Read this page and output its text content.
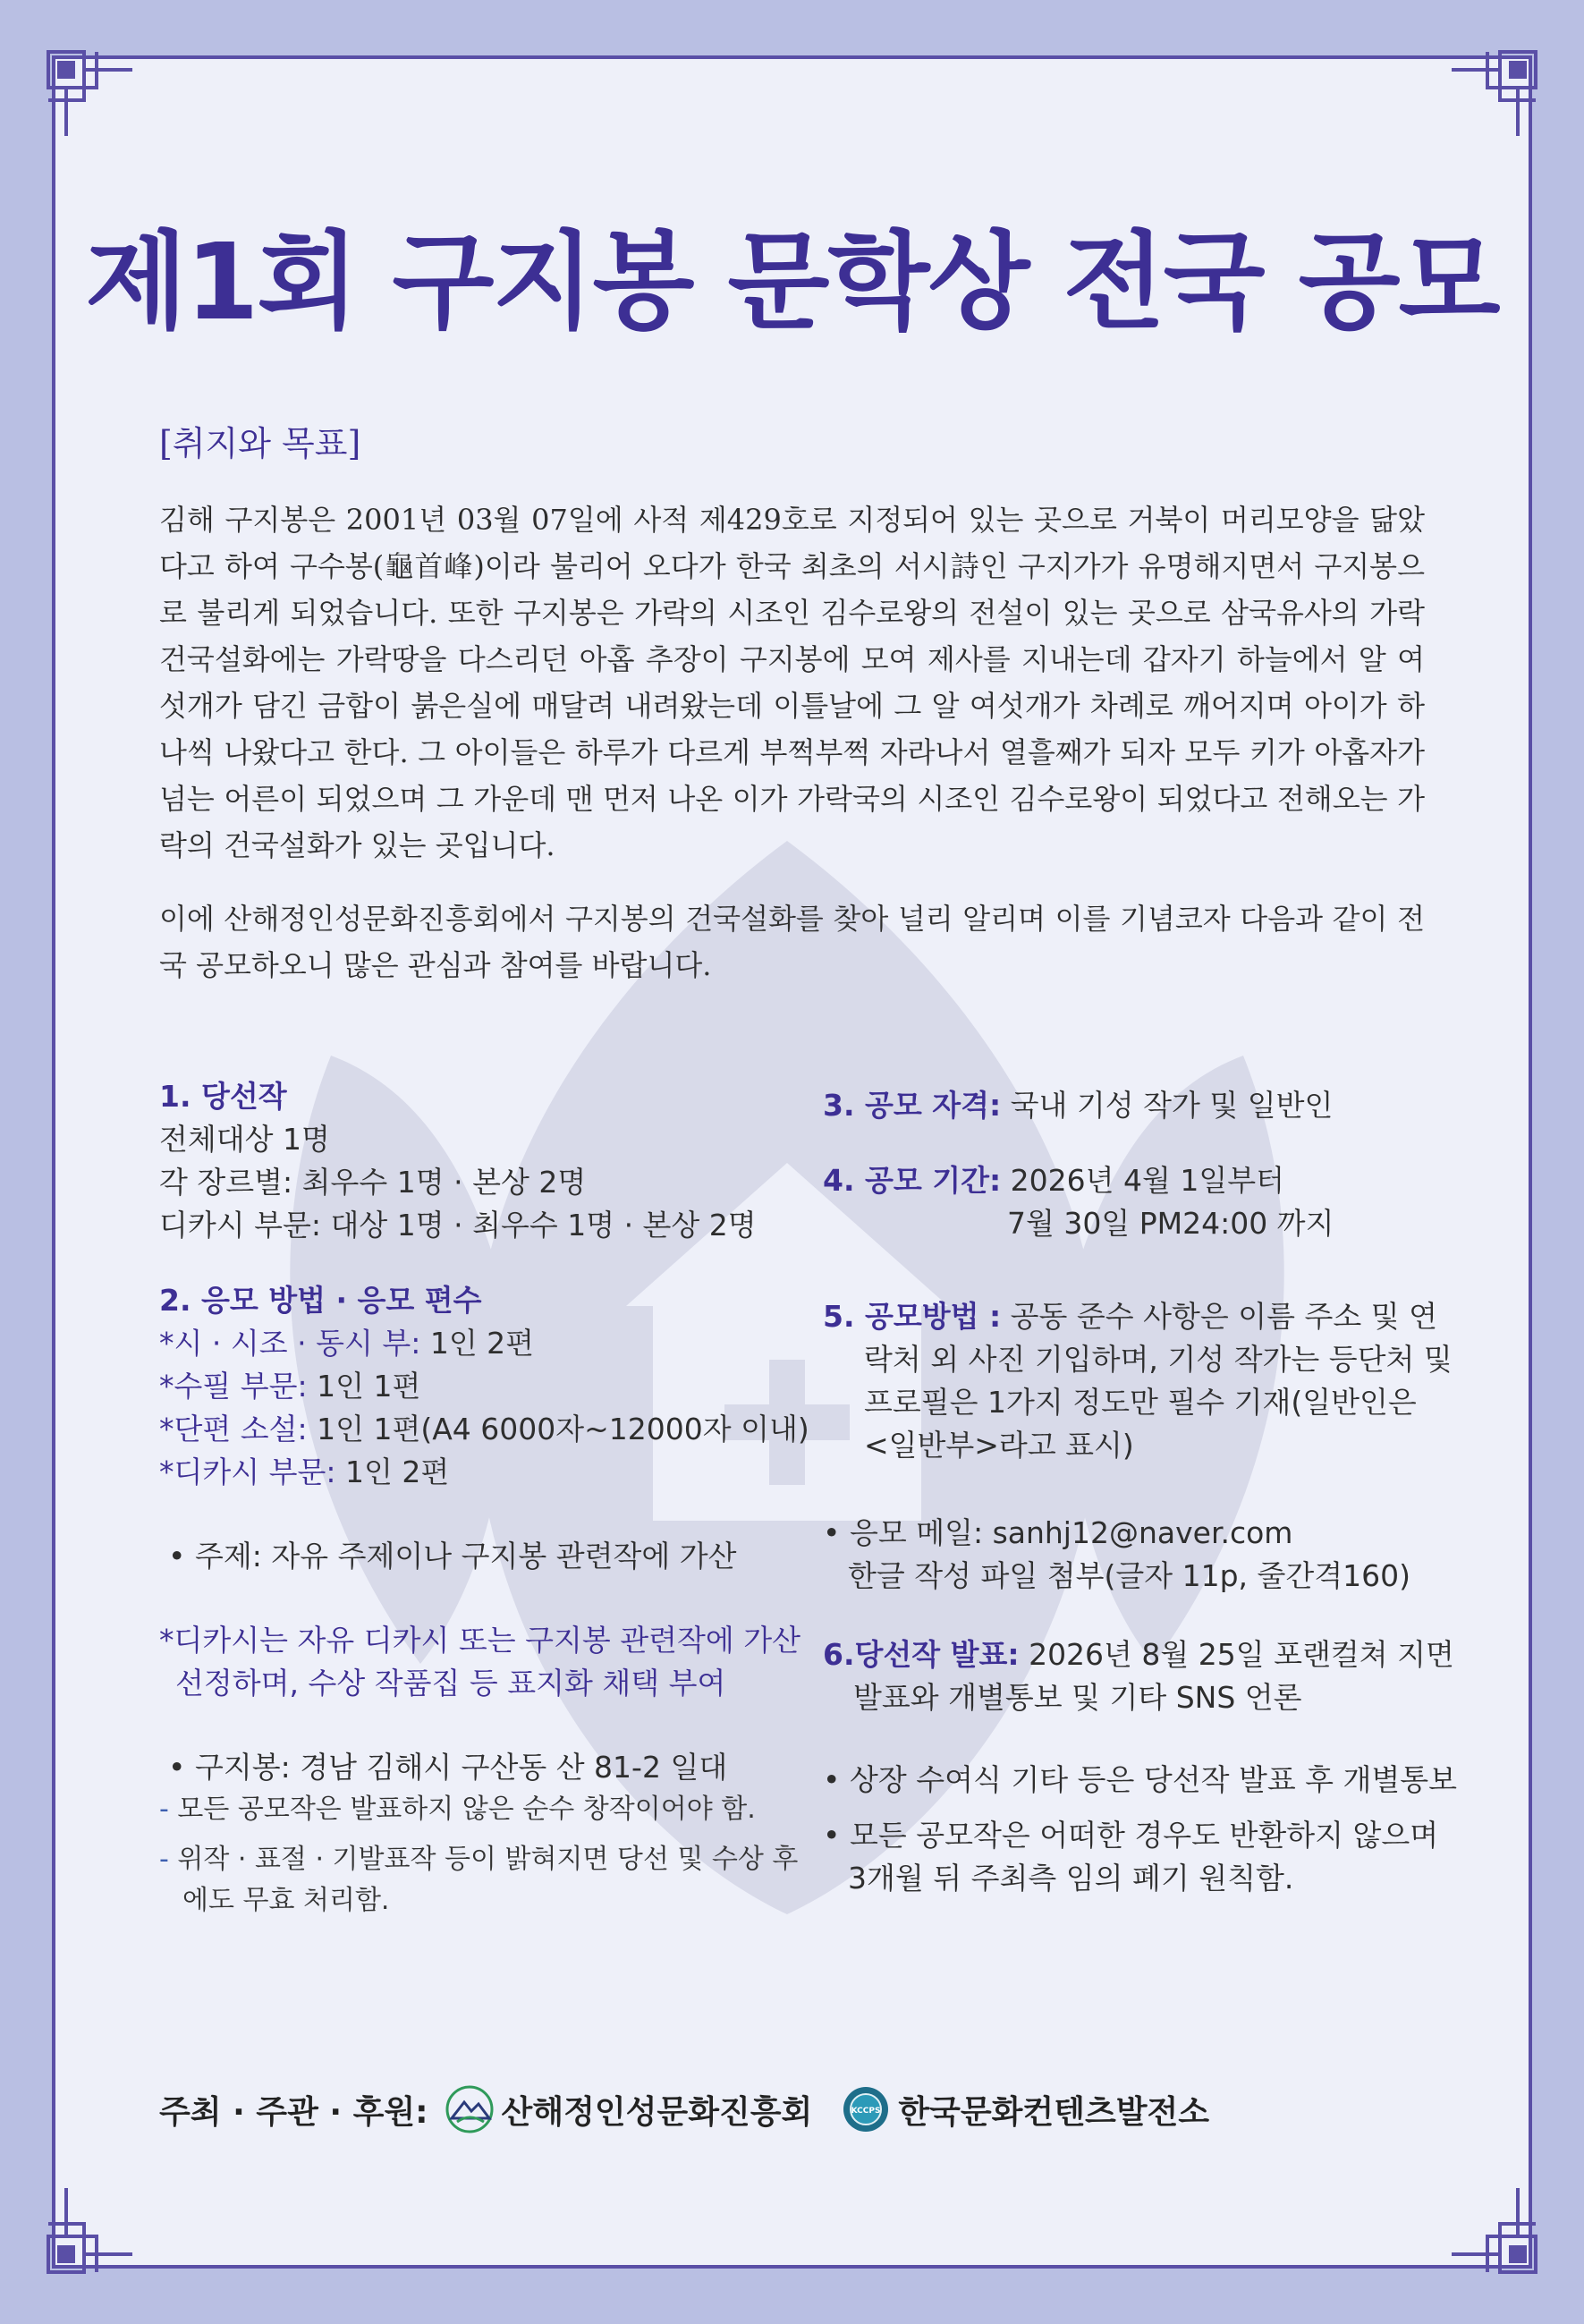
제1회 구지봉 문학상 전국 공모
[취지와 목표]

김해 구지봉은 2001년 03월 07일에 사적 제429호로 지정되어 있는 곳으로 거북이 머리모양을 닮았다고 하여 구수봉(龜首峰)이라 불리어 오다가 한국 최초의 서시詩인 구지가가 유명해지면서 구지봉으로 불리게 되었습니다. 또한 구지봉은 가락의 시조인 김수로왕의 전설이 있는 곳으로 삼국유사의 가락 건국설화에는 가락땅을 다스리던 아홉 추장이 구지봉에 모여 제사를 지내는데 갑자기 하늘에서 알 여섯개가 담긴 금합이 붉은실에 매달려 내려왔는데 이틀날에 그 알 여섯개가 차례로 깨어지며 아이가 하나씩 나왔다고 한다. 그 아이들은 하루가 다르게 부쩍부쩍 자라나서 열흘째가 되자 모두 키가 아홉자가 넘는 어른이 되었으며 그 가운데 맨 먼저 나온 이가 가락국의 시조인 김수로왕이 되었다고 전해오는 가락의 건국설화가 있는 곳입니다.

이에 산해정인성문화진흥회에서 구지봉의 건국설화를 찾아 널리 알리며 이를 기념코자 다음과 같이 전국 공모하오니 많은 관심과 참여를 바랍니다.

1. 당선작
전체대상 1명
각 장르별: 최우수 1명 · 본상 2명
디카시 부문: 대상 1명 · 최우수 1명 · 본상 2명
2. 응모 방법 · 응모 편수
*시 · 시조 · 동시 부: 1인 2편
*수필 부문: 1인 1편
*단편 소설: 1인 1편(A4 6000자~12000자 이내)
*디카시 부문: 1인 2편
• 주제: 자유 주제이나 구지봉 관련작에 가산
*디카시는 자유 디카시 또는 구지봉 관련작에 가산
선정하며, 수상 작품집 등 표지화 채택 부여
• 구지봉: 경남 김해시 구산동 산 81-2 일대
- 모든 공모작은 발표하지 않은 순수 창작이어야 함.
- 위작 · 표절 · 기발표작 등이 밝혀지면 당선 및 수상 후
에도 무효 처리함.
3. 공모 자격: 국내 기성 작가 및 일반인
4. 공모 기간: 2026년 4월 1일부터
7월 30일 PM24:00 까지
5. 공모방법 : 공동 준수 사항은 이름 주소 및 연
락처 외 사진 기입하며, 기성 작가는 등단처 및
프로필은 1가지 정도만 필수 기재(일반인은
<일반부>라고 표시)
• 응모 메일: sanhj12@naver.com
한글 작성 파일 첨부(글자 11p, 줄간격160)
6.당선작 발표: 2026년 8월 25일 포랜컬쳐 지면
발표와 개별통보 및 기타 SNS 언론
• 상장 수여식 기타 등은 당선작 발표 후 개별통보
• 모든 공모작은 어떠한 경우도 반환하지 않으며
3개월 뒤 주최측 임의 폐기 원칙함.
주최 · 주관 · 후원: 산해정인성문화진흥회	KCCPS 한국문화컨텐츠발전소
